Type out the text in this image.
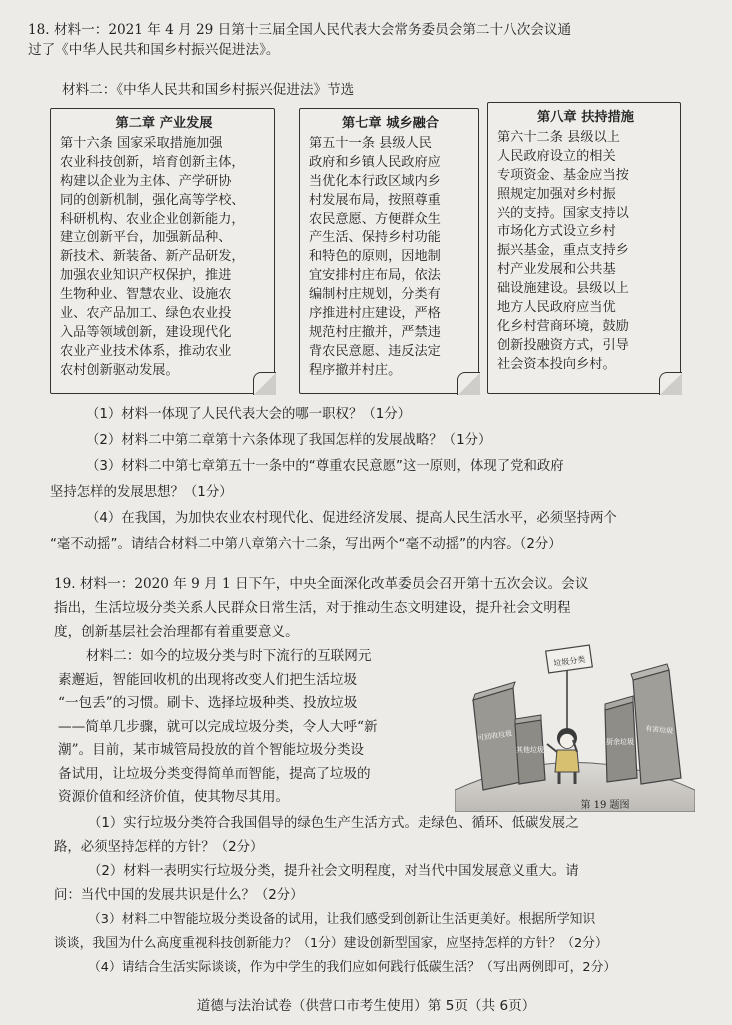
18. 材料一：2021 年 4 月 29 日第十三届全国人民代表大会常务委员会第二十八次会议通
过了《中华人民共和国乡村振兴促进法》。
材料二：《中华人民共和国乡村振兴促进法》节选
第二章 产业发展
第十六条 国家采取措施加强
农业科技创新，培育创新主体，
构建以企业为主体、产学研协
同的创新机制，强化高等学校、
科研机构、农业企业创新能力，
建立创新平台，加强新品种、
新技术、新装备、新产品研发，
加强农业知识产权保护，推进
生物种业、智慧农业、设施农
业、农产品加工、绿色农业投
入品等领域创新，建设现代化
农业产业技术体系，推动农业
农村创新驱动发展。
第七章 城乡融合
第五十一条 县级人民
政府和乡镇人民政府应
当优化本行政区域内乡
村发展布局，按照尊重
农民意愿、方便群众生
产生活、保持乡村功能
和特色的原则，因地制
宜安排村庄布局，依法
编制村庄规划，分类有
序推进村庄建设，严格
规范村庄撤并，严禁违
背农民意愿、违反法定
程序撤并村庄。
第八章 扶持措施
第六十二条 县级以上
人民政府设立的相关
专项资金、基金应当按
照规定加强对乡村振
兴的支持。国家支持以
市场化方式设立乡村
振兴基金，重点支持乡
村产业发展和公共基
础设施建设。县级以上
地方人民政府应当优
化乡村营商环境，鼓励
创新投融资方式，引导
社会资本投向乡村。
（1）材料一体现了人民代表大会的哪一职权？（1分）
（2）材料二中第二章第十六条体现了我国怎样的发展战略？（1分）
（3）材料二中第七章第五十一条中的“尊重农民意愿”这一原则，体现了党和政府
坚持怎样的发展思想？（1分）
（4）在我国，为加快农业农村现代化、促进经济发展、提高人民生活水平，必须坚持两个
“毫不动摇”。请结合材料二中第八章第六十二条，写出两个“毫不动摇”的内容。（2分）
19. 材料一：2020 年 9 月 1 日下午，中央全面深化改革委员会召开第十五次会议。会议
指出，生活垃圾分类关系人民群众日常生活，对于推动生态文明建设，提升社会文明程
度，创新基层社会治理都有着重要意义。
材料二：如今的垃圾分类与时下流行的互联网元
素邂逅，智能回收机的出现将改变人们把生活垃圾
“一包丢”的习惯。刷卡、选择垃圾种类、投放垃圾
——简单几步骤，就可以完成垃圾分类，令人大呼“新
潮”。目前，某市城管局投放的首个智能垃圾分类设
备试用，让垃圾分类变得简单而智能，提高了垃圾的
资源价值和经济价值，使其物尽其用。
可回收垃圾
其他垃圾
垃圾分类
厨余垃圾
有害垃圾
第 19 题图
（1）实行垃圾分类符合我国倡导的绿色生产生活方式。走绿色、循环、低碳发展之
路，必须坚持怎样的方针？（2分）
（2）材料一表明实行垃圾分类，提升社会文明程度，对当代中国发展意义重大。请
问：当代中国的发展共识是什么？（2分）
（3）材料二中智能垃圾分类设备的试用，让我们感受到创新让生活更美好。根据所学知识
谈谈，我国为什么高度重视科技创新能力？（1分）建设创新型国家，应坚持怎样的方针？（2分）
（4）请结合生活实际谈谈，作为中学生的我们应如何践行低碳生活？（写出两例即可，2分）
道德与法治试卷（供营口市考生使用）第 5页（共 6页）
